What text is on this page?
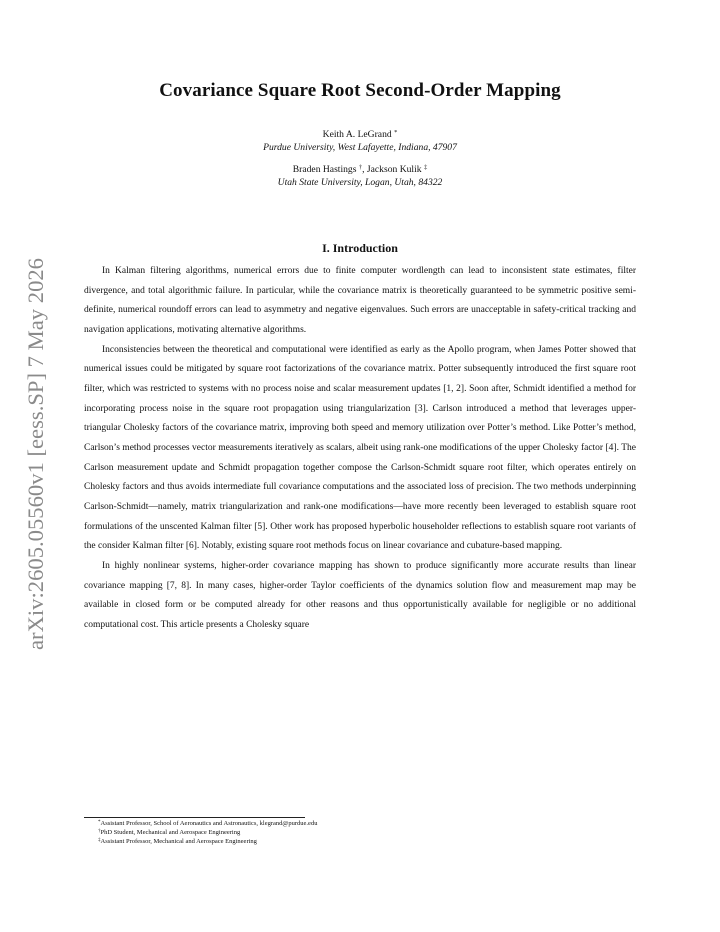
arXiv:2605.05560v1 [eess.SP] 7 May 2026
Covariance Square Root Second-Order Mapping
Keith A. LeGrand *
Purdue University, West Lafayette, Indiana, 47907
Braden Hastings †, Jackson Kulik ‡
Utah State University, Logan, Utah, 84322
I. Introduction

In Kalman filtering algorithms, numerical errors due to finite computer wordlength can lead to inconsistent state estimates, filter divergence, and total algorithmic failure. In particular, while the covariance matrix is theoretically guaranteed to be symmetric positive semi-definite, numerical roundoff errors can lead to asymmetry and negative eigenvalues. Such errors are unacceptable in safety-critical tracking and navigation applications, motivating alternative algorithms.

Inconsistencies between the theoretical and computational were identified as early as the Apollo program, when James Potter showed that numerical issues could be mitigated by square root factorizations of the covariance matrix. Potter subsequently introduced the first square root filter, which was restricted to systems with no process noise and scalar measurement updates [1, 2]. Soon after, Schmidt identified a method for incorporating process noise in the square root propagation using triangularization [3]. Carlson introduced a method that leverages upper-triangular Cholesky factors of the covariance matrix, improving both speed and memory utilization over Potter’s method. Like Potter’s method, Carlson’s method processes vector measurements iteratively as scalars, albeit using rank-one modifications of the upper Cholesky factor [4]. The Carlson measurement update and Schmidt propagation together compose the Carlson-Schmidt square root filter, which operates entirely on Cholesky factors and thus avoids intermediate full covariance computations and the associated loss of precision. The two methods underpinning Carlson-Schmidt—namely, matrix triangularization and rank-one modifications—have more recently been leveraged to establish square root formulations of the unscented Kalman filter [5]. Other work has proposed hyperbolic householder reflections to establish square root variants of the consider Kalman filter [6]. Notably, existing square root methods focus on linear covariance and cubature-based mapping.

In highly nonlinear systems, higher-order covariance mapping has shown to produce significantly more accurate results than linear covariance mapping [7, 8]. In many cases, higher-order Taylor coefficients of the dynamics solution flow and measurement map may be available in closed form or be computed already for other reasons and thus opportunistically available for negligible or no additional computational cost. This article presents a Cholesky square

*Assistant Professor, School of Aeronautics and Astronautics, klegrand@purdue.edu
†PhD Student, Mechanical and Aerospace Engineering
‡Assistant Professor, Mechanical and Aerospace Engineering
